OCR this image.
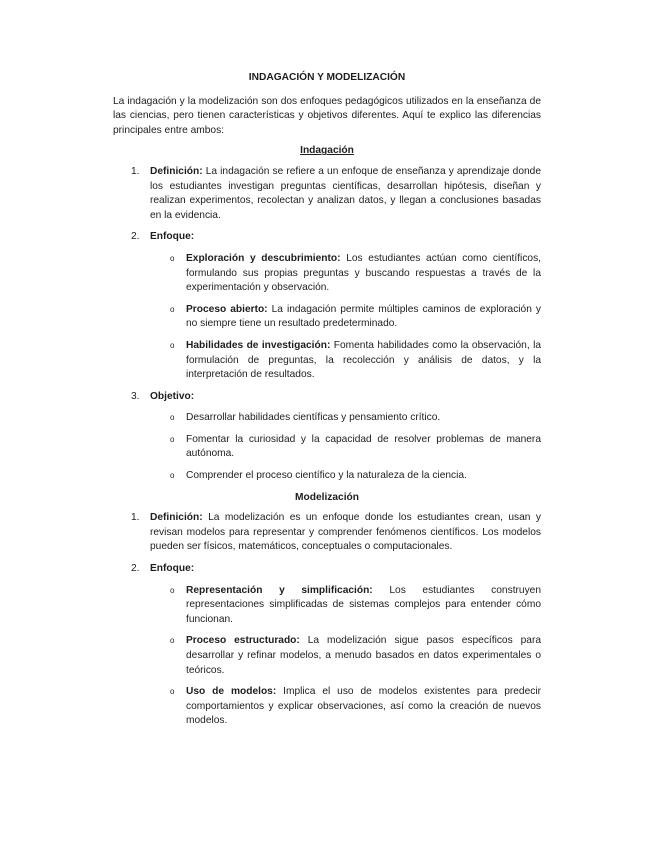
INDAGACIÓN Y MODELIZACIÓN

La indagación y la modelización son dos enfoques pedagógicos utilizados en la enseñanza de las ciencias, pero tienen características y objetivos diferentes. Aquí te explico las diferencias principales entre ambos:

Indagación
1. Definición: La indagación se refiere a un enfoque de enseñanza y aprendizaje donde los estudiantes investigan preguntas científicas, desarrollan hipótesis, diseñan y realizan experimentos, recolectan y analizan datos, y llegan a conclusiones basadas en la evidencia.
2. Enfoque:
o Exploración y descubrimiento: Los estudiantes actúan como científicos, formulando sus propias preguntas y buscando respuestas a través de la experimentación y observación.
o Proceso abierto: La indagación permite múltiples caminos de exploración y no siempre tiene un resultado predeterminado.
o Habilidades de investigación: Fomenta habilidades como la observación, la formulación de preguntas, la recolección y análisis de datos, y la interpretación de resultados.
3. Objetivo:
o Desarrollar habilidades científicas y pensamiento crítico.
o Fomentar la curiosidad y la capacidad de resolver problemas de manera autónoma.
o Comprender el proceso científico y la naturaleza de la ciencia.
Modelización
1. Definición: La modelización es un enfoque donde los estudiantes crean, usan y revisan modelos para representar y comprender fenómenos científicos. Los modelos pueden ser físicos, matemáticos, conceptuales o computacionales.
2. Enfoque:
o Representación y simplificación: Los estudiantes construyen representaciones simplificadas de sistemas complejos para entender cómo funcionan.
o Proceso estructurado: La modelización sigue pasos específicos para desarrollar y refinar modelos, a menudo basados en datos experimentales o teóricos.
o Uso de modelos: Implica el uso de modelos existentes para predecir comportamientos y explicar observaciones, así como la creación de nuevos modelos.
